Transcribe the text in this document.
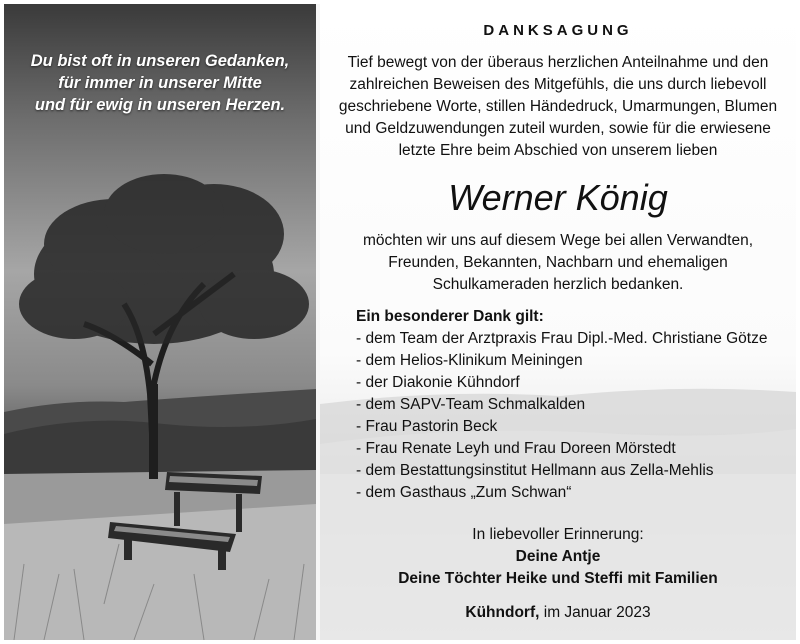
Du bist oft in unseren Gedanken,
für immer in unserer Mitte
und für ewig in unseren Herzen.
DANKSAGUNG
Tief bewegt von der überaus herzlichen Anteilnahme und den
zahlreichen Beweisen des Mitgefühls, die uns durch liebevoll
geschriebene Worte, stillen Händedruck, Umarmungen, Blumen
und Geldzuwendungen zuteil wurden, sowie für die erwiesene
letzte Ehre beim Abschied von unserem lieben
Werner König
möchten wir uns auf diesem Wege bei allen Verwandten,
Freunden, Bekannten, Nachbarn und ehemaligen
Schulkameraden herzlich bedanken.
Ein besonderer Dank gilt:
- dem Team der Arztpraxis Frau Dipl.-Med. Christiane Götze
- dem Helios-Klinikum Meiningen
- der Diakonie Kühndorf
- dem SAPV-Team Schmalkalden
- Frau Pastorin Beck
- Frau Renate Leyh und Frau Doreen Mörstedt
- dem Bestattungsinstitut Hellmann aus Zella-Mehlis
- dem Gasthaus „Zum Schwan“
In liebevoller Erinnerung:
Deine Antje
Deine Töchter Heike und Steffi mit Familien
Kühndorf, im Januar 2023
